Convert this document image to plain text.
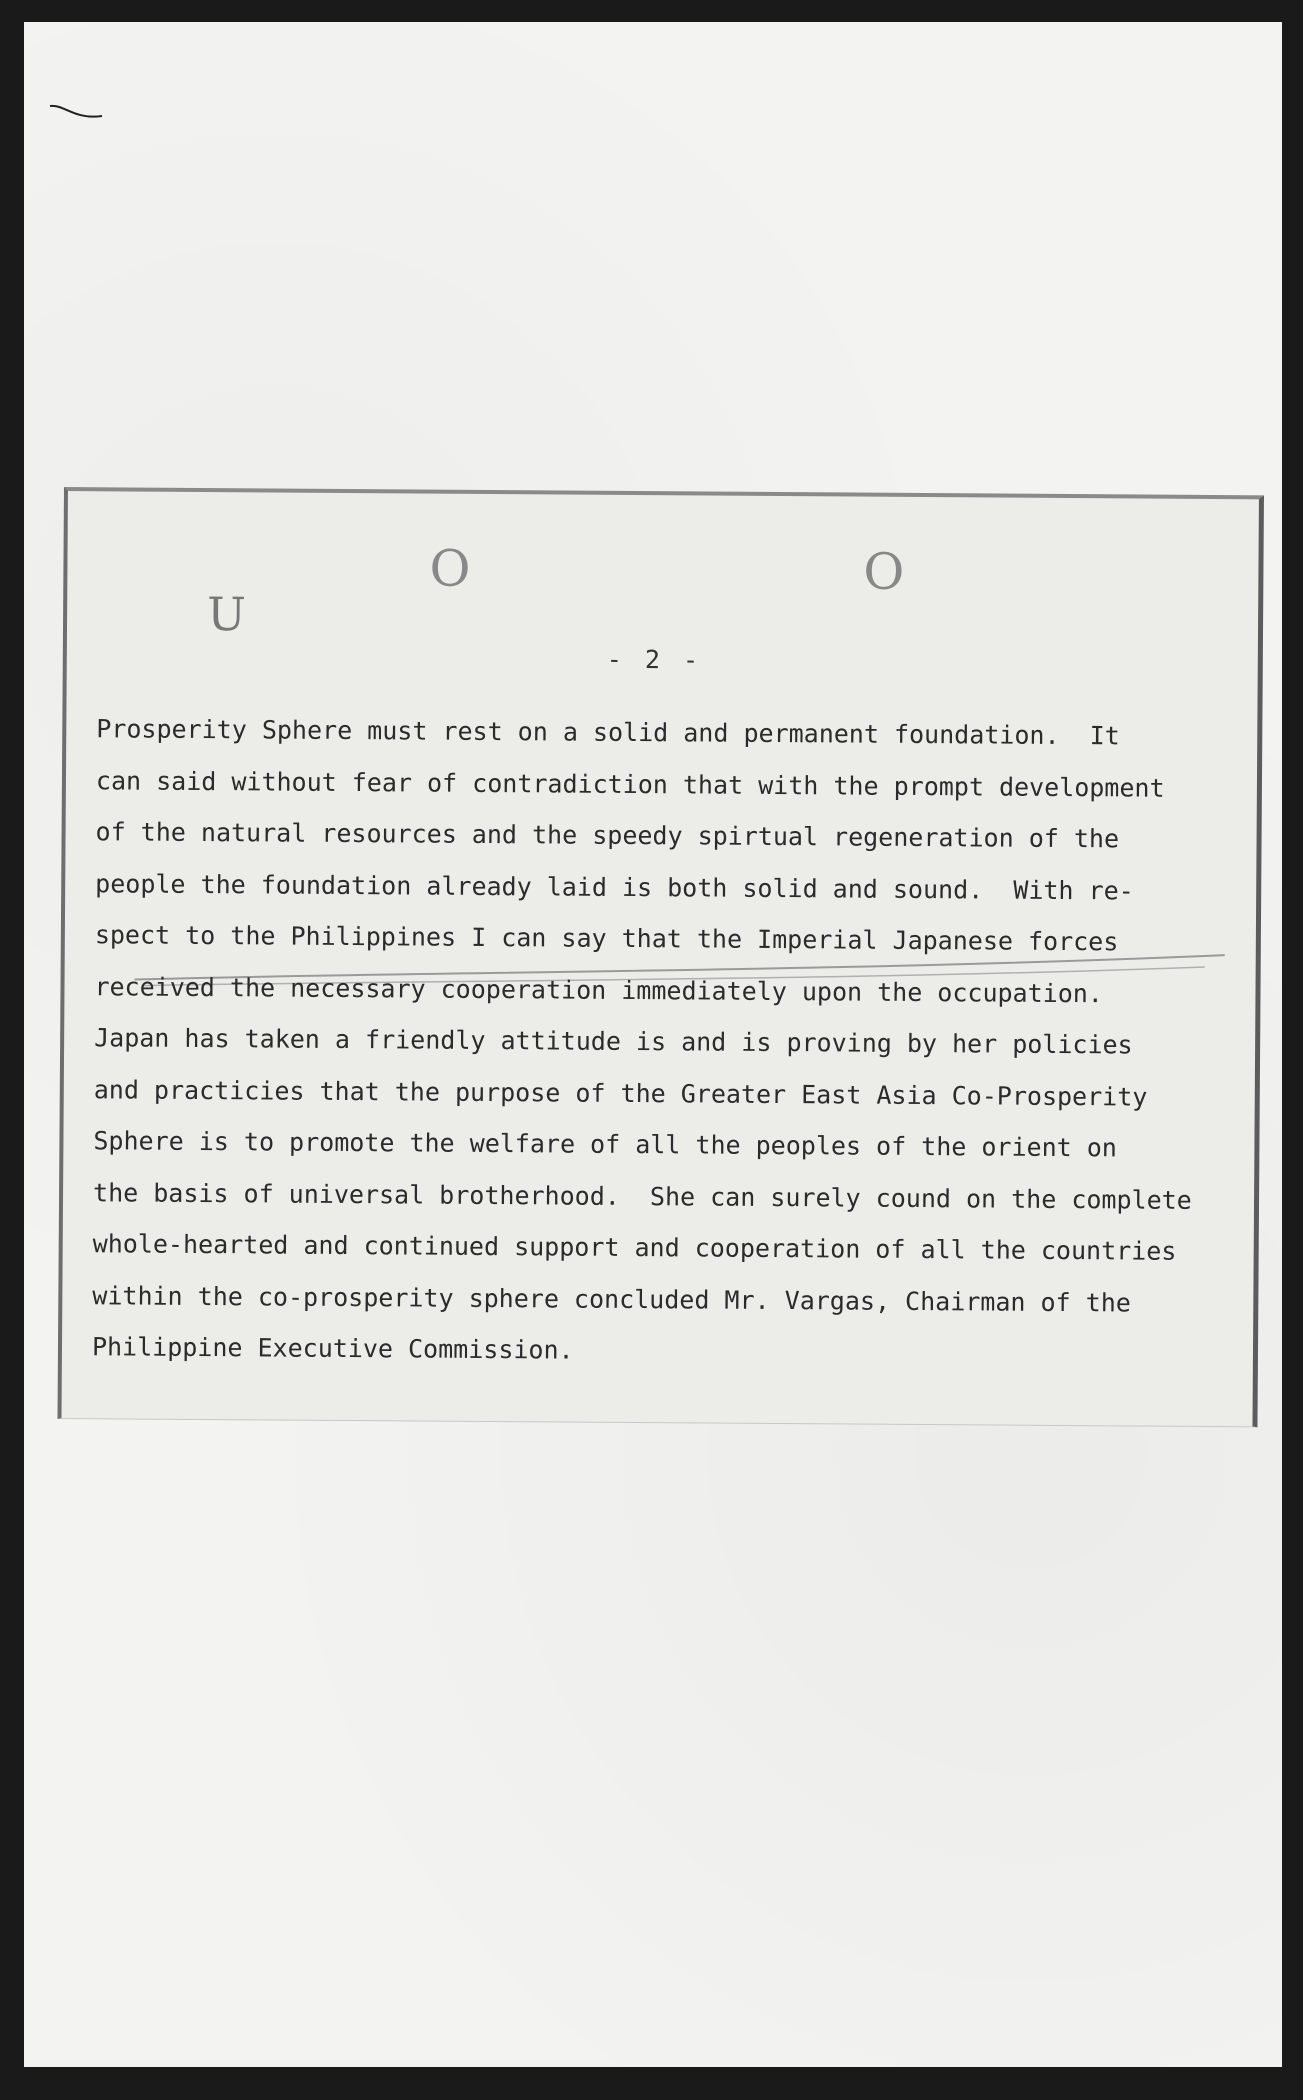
U
O	O
- 2 -

Prosperity Sphere must rest on a solid and permanent foundation.  It
can said without fear of contradiction that with the prompt development
of the natural resources and the speedy spirtual regeneration of the
people the foundation already laid is both solid and sound.  With re-
spect to the Philippines I can say that the Imperial Japanese forces
received the necessary cooperation immediately upon the occupation.
Japan has taken a friendly attitude is and is proving by her policies
and practicies that the purpose of the Greater East Asia Co-Prosperity
Sphere is to promote the welfare of all the peoples of the orient on
the basis of universal brotherhood.  She can surely cound on the complete
whole-hearted and continued support and cooperation of all the countries
within the co-prosperity sphere concluded Mr. Vargas, Chairman of the
Philippine Executive Commission.
